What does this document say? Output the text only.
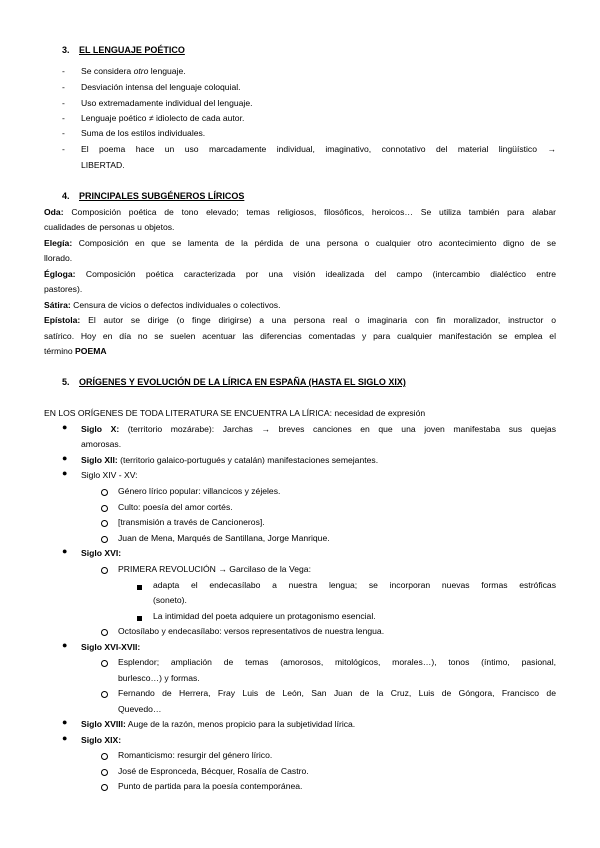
3. EL LENGUAJE POÉTICO
- Se considera otro lenguaje.
- Desviación intensa del lenguaje coloquial.
- Uso extremadamente individual del lenguaje.
- Lenguaje poético ≠ idiolecto de cada autor.
- Suma de los estilos individuales.
- El poema hace un uso marcadamente individual, imaginativo, connotativo del material lingüístico →
LIBERTAD.
4. PRINCIPALES SUBGÉNEROS LÍRICOS
Oda: Composición poética de tono elevado; temas religiosos, filosóficos, heroicos… Se utiliza también para alabar
cualidades de personas u objetos.
Elegía: Composición en que se lamenta de la pérdida de una persona o cualquier otro acontecimiento digno de se
llorado.
Égloga: Composición poética caracterizada por una visión idealizada del campo (intercambio dialéctico entre
pastores).
Sátira: Censura de vicios o defectos individuales o colectivos.
Epístola: El autor se dirige (o finge dirigirse) a una persona real o imaginaria con fin moralizador, instructor o
satírico. Hoy en día no se suelen acentuar las diferencias comentadas y para cualquier manifestación se emplea el
término POEMA
5. ORÍGENES Y EVOLUCIÓN DE LA LÍRICA EN ESPAÑA (HASTA EL SIGLO XIX)
EN LOS ORÍGENES DE TODA LITERATURA SE ENCUENTRA LA LÍRICA: necesidad de expresión
● Siglo X: (territorio mozárabe): Jarchas → breves canciones en que una joven manifestaba sus quejas
amorosas.
● Siglo XII: (territorio galaico-portugués y catalán) manifestaciones semejantes.
● Siglo XIV - XV:
Género lírico popular: villancicos y zéjeles.
Culto: poesía del amor cortés.
[transmisión a través de Cancioneros].
Juan de Mena, Marqués de Santillana, Jorge Manrique.
● Siglo XVI:
PRIMERA REVOLUCIÓN → Garcilaso de la Vega:
adapta el endecasílabo a nuestra lengua; se incorporan nuevas formas estróficas
(soneto).
La intimidad del poeta adquiere un protagonismo esencial.
Octosílabo y endecasílabo: versos representativos de nuestra lengua.
● Siglo XVI-XVII:
Esplendor; ampliación de temas (amorosos, mitológicos, morales…), tonos (íntimo, pasional,
burlesco…) y formas.
Fernando de Herrera, Fray Luis de León, San Juan de la Cruz, Luis de Góngora, Francisco de
Quevedo…
● Siglo XVIII: Auge de la razón, menos propicio para la subjetividad lírica.
● Siglo XIX:
Romanticismo: resurgir del género lírico.
José de Espronceda, Bécquer, Rosalía de Castro.
Punto de partida para la poesía contemporánea.
